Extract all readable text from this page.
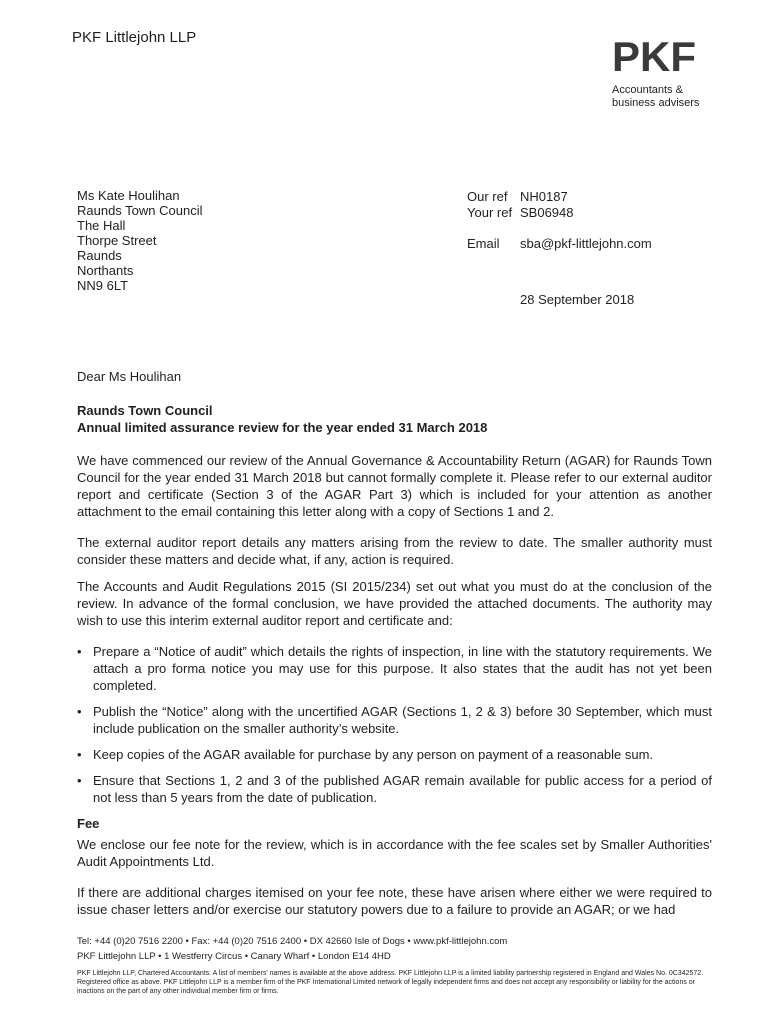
PKF Littlejohn LLP	PKF
Accountants &
business advisers
Ms Kate Houlihan
Raunds Town Council
The Hall
Thorpe Street
Raunds
Northants
NN9 6LT
Our ref NH0187
Your ref SB06948
Email sba@pkf-littlejohn.com
28 September 2018
Dear Ms Houlihan
Raunds Town Council
Annual limited assurance review for the year ended 31 March 2018

We have commenced our review of the Annual Governance & Accountability Return (AGAR) for Raunds Town Council for the year ended 31 March 2018 but cannot formally complete it. Please refer to our external auditor report and certificate (Section 3 of the AGAR Part 3) which is included for your attention as another attachment to the email containing this letter along with a copy of Sections 1 and 2.

The external auditor report details any matters arising from the review to date. The smaller authority must consider these matters and decide what, if any, action is required.

The Accounts and Audit Regulations 2015 (SI 2015/234) set out what you must do at the conclusion of the review. In advance of the formal conclusion, we have provided the attached documents. The authority may wish to use this interim external auditor report and certificate and:

• Prepare a “Notice of audit” which details the rights of inspection, in line with the statutory requirements. We attach a pro forma notice you may use for this purpose. It also states that the audit has not yet been completed.
• Publish the “Notice” along with the uncertified AGAR (Sections 1, 2 & 3) before 30 September, which must include publication on the smaller authority’s website.
• Keep copies of the AGAR available for purchase by any person on payment of a reasonable sum.
• Ensure that Sections 1, 2 and 3 of the published AGAR remain available for public access for a period of not less than 5 years from the date of publication.
Fee

We enclose our fee note for the review, which is in accordance with the fee scales set by Smaller Authorities' Audit Appointments Ltd.

If there are additional charges itemised on your fee note, these have arisen where either we were required to issue chaser letters and/or exercise our statutory powers due to a failure to provide an AGAR; or we had

Tel: +44 (0)20 7516 2200 • Fax: +44 (0)20 7516 2400 • DX 42660 Isle of Dogs • www.pkf-littlejohn.com
PKF Littlejohn LLP • 1 Westferry Circus • Canary Wharf • London E14 4HD
PKF Littlejohn LLP, Chartered Accountants. A list of members' names is available at the above address. PKF Littlejohn LLP is a limited liability partnership registered in England and Wales No. 0C342572. Registered office as above. PKF Littlejohn LLP is a member firm of the PKF International Limited network of legally independent firms and does not accept any responsibility or liability for the actions or inactions on the part of any other individual member firm or firms.
